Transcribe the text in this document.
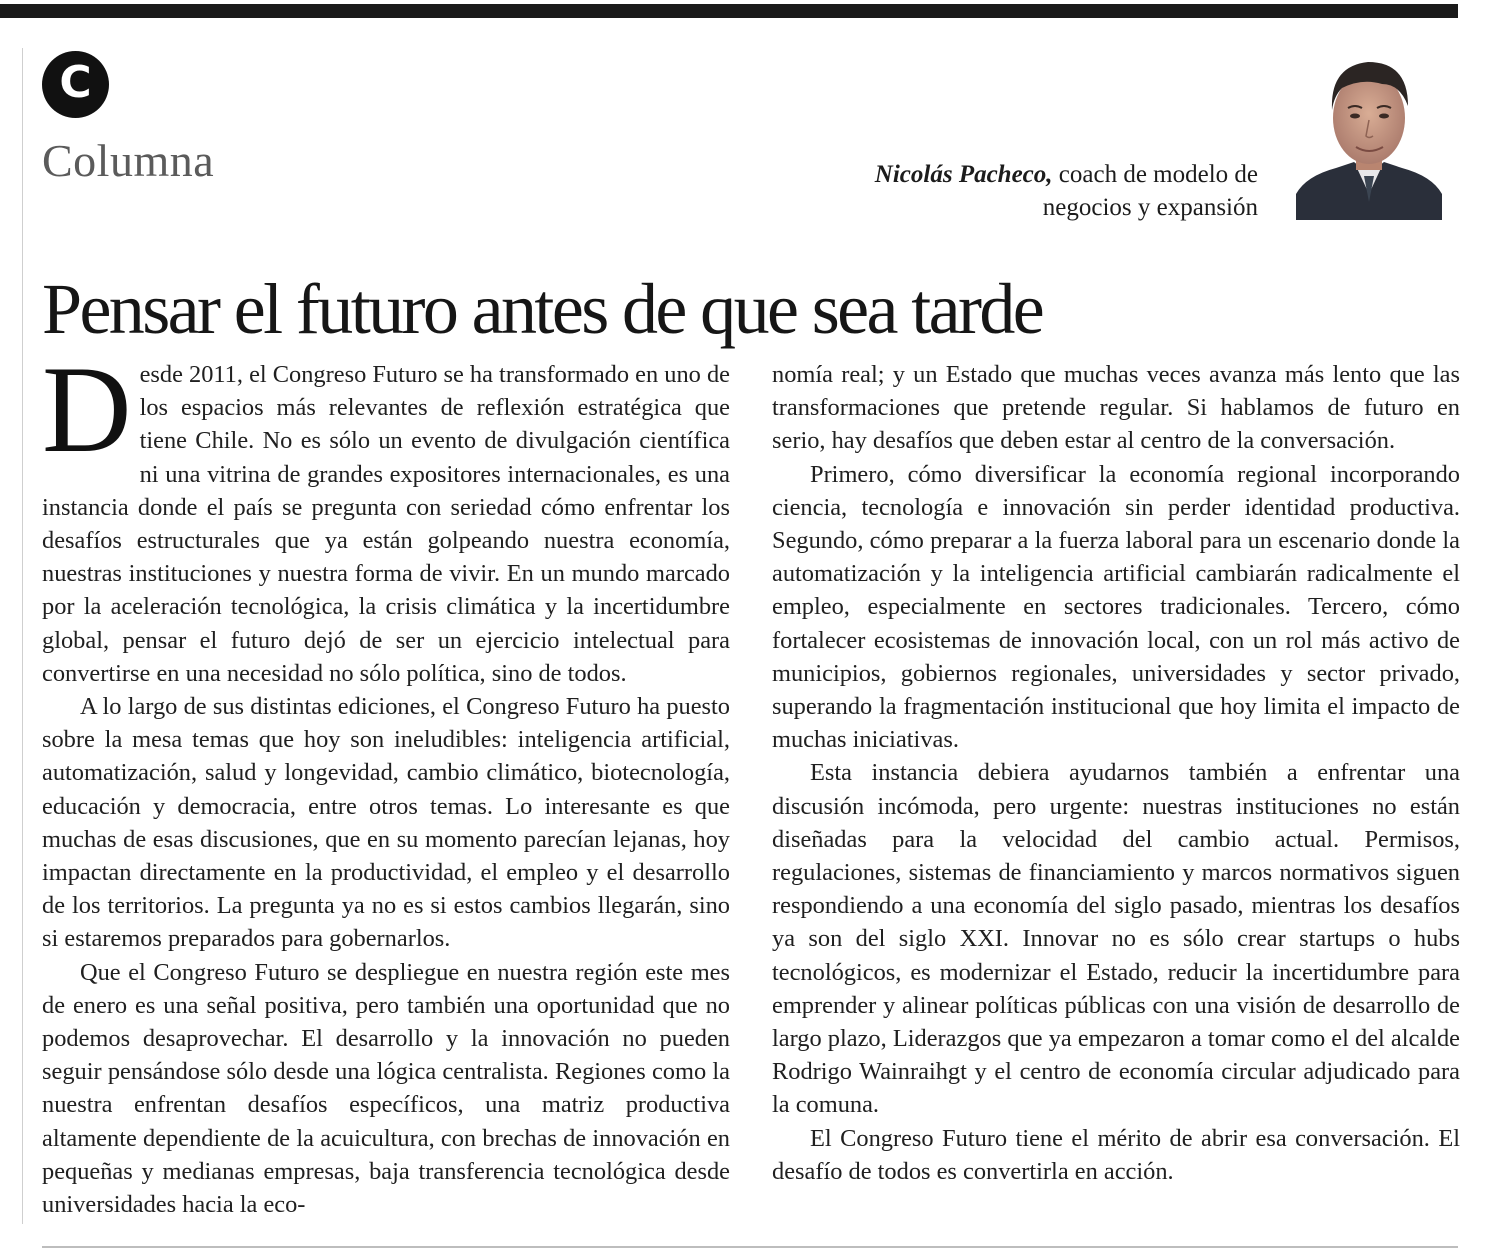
C
Columna	Nicolás Pacheco, coach de modelo de negocios y expansión
Pensar el futuro antes de que sea tarde

Desde 2011, el Congreso Futuro se ha transformado en uno de los espacios más relevantes de reflexión estratégica que tiene Chile. No es sólo un evento de divulgación científica ni una vitrina de grandes expositores internacionales, es una instancia donde el país se pregunta con seriedad cómo enfrentar los desafíos estructurales que ya están golpeando nuestra economía, nuestras instituciones y nuestra forma de vivir. En un mundo marcado por la aceleración tecnológica, la crisis climática y la incertidumbre global, pensar el futuro dejó de ser un ejercicio intelectual para convertirse en una necesidad no sólo política, sino de todos.

A lo largo de sus distintas ediciones, el Congreso Futuro ha puesto sobre la mesa temas que hoy son ineludibles: inteligencia artificial, automatización, salud y longevidad, cambio climático, biotecnología, educación y democracia, entre otros temas. Lo interesante es que muchas de esas discusiones, que en su momento parecían lejanas, hoy impactan directamente en la productividad, el empleo y el desarrollo de los territorios. La pregunta ya no es si estos cambios llegarán, sino si estaremos preparados para gobernarlos.

Que el Congreso Futuro se despliegue en nuestra región este mes de enero es una señal positiva, pero también una oportunidad que no podemos desaprovechar. El desarrollo y la innovación no pueden seguir pensándose sólo desde una lógica centralista. Regiones como la nuestra enfrentan desafíos específicos, una matriz productiva altamente dependiente de la acuicultura, con brechas de innovación en pequeñas y medianas empresas, baja transferencia tecnológica desde universidades hacia la eco-

nomía real; y un Estado que muchas veces avanza más lento que las transformaciones que pretende regular. Si hablamos de futuro en serio, hay desafíos que deben estar al centro de la conversación.

Primero, cómo diversificar la economía regional incorporando ciencia, tecnología e innovación sin perder identidad productiva. Segundo, cómo preparar a la fuerza laboral para un escenario donde la automatización y la inteligencia artificial cambiarán radicalmente el empleo, especialmente en sectores tradicionales. Tercero, cómo fortalecer ecosistemas de innovación local, con un rol más activo de municipios, gobiernos regionales, universidades y sector privado, superando la fragmentación institucional que hoy limita el impacto de muchas iniciativas.

Esta instancia debiera ayudarnos también a enfrentar una discusión incómoda, pero urgente: nuestras instituciones no están diseñadas para la velocidad del cambio actual. Permisos, regulaciones, sistemas de financiamiento y marcos normativos siguen respondiendo a una economía del siglo pasado, mientras los desafíos ya son del siglo XXI. Innovar no es sólo crear startups o hubs tecnológicos, es modernizar el Estado, reducir la incertidumbre para emprender y alinear políticas públicas con una visión de desarrollo de largo plazo, Liderazgos que ya empezaron a tomar como el del alcalde Rodrigo Wainraihgt y el centro de economía circular adjudicado para la comuna.

El Congreso Futuro tiene el mérito de abrir esa conversación. El desafío de todos es convertirla en acción.
